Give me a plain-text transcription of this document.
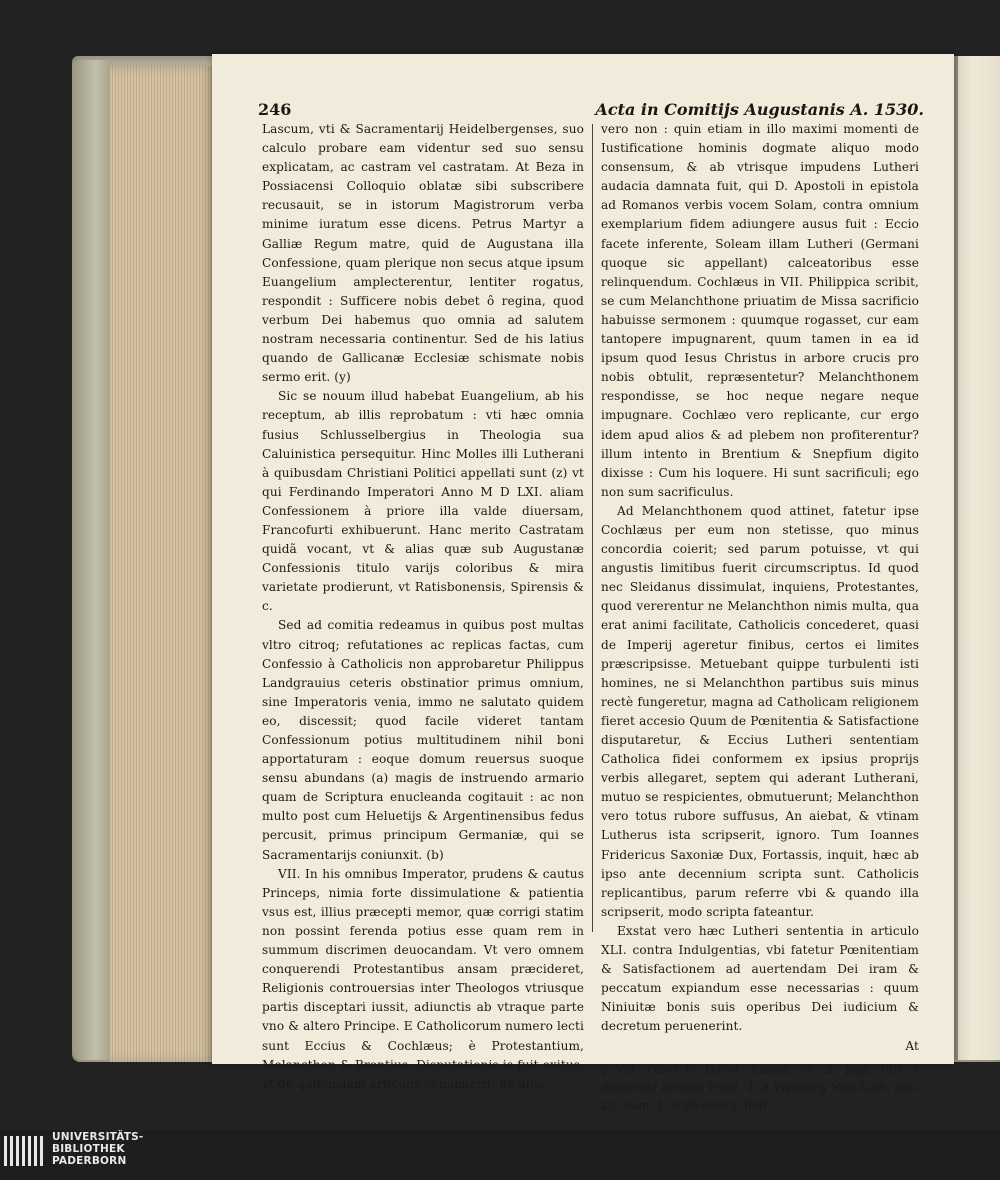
246	Acta in Comitijs Augustanis A. 1530.

Lascum, vti & Sacramentarij Heidelbergenses, suo calculo probare eam videntur sed suo sensu explicatam, ac castram vel castratam. At Beza in Possiacensi Colloquio oblatæ sibi subscribere recusauit, se in istorum Magistrorum verba minime iuratum esse dicens. Petrus Martyr a Galliæ Regum matre, quid de Augustana illa Confessione, quam plerique non secus atque ipsum Euangelium amplecterentur, lentiter rogatus, respondit : Sufficere nobis debet ô regina, quod verbum Dei habemus quo omnia ad salutem nostram necessaria continentur. Sed de his latius quando de Gallicanæ Ecclesiæ schismate nobis sermo erit. (y)

Sic se nouum illud habebat Euangelium, ab his receptum, ab illis reprobatum : vti hæc omnia fusius Schlusselbergius in Theologia sua Caluinistica persequitur. Hinc Molles illi Lutherani à quibusdam Christiani Politici appellati sunt (z) vt qui Ferdinando Imperatori Anno M D LXI. aliam Confessionem à priore illa valde diuersam, Francofurti exhibuerunt. Hanc merito Castratam quidã vocant, vt & alias quæ sub Augustanæ Confessionis titulo varijs coloribus & mira varietate prodierunt, vt Ratisbonensis, Spirensis & c.

Sed ad comitia redeamus in quibus post multas vltro citroq; refutationes ac replicas factas, cum Confessio à Catholicis non approbaretur Philippus Landgrauius ceteris obstinatior primus omnium, sine Imperatoris venia, immo ne salutato quidem eo, discessit; quod facile videret tantam Confessionum potius multitudinem nihil boni apportaturam : eoque domum reuersus suoque sensu abundans (a) magis de instruendo armario quam de Scriptura enucleanda cogitauit : ac non multo post cum Heluetijs & Argentinensibus fedus percusit, primus principum Germaniæ, qui se Sacramentarijs coniunxit. (b)

VII. In his omnibus Imperator, prudens & cautus Princeps, nimia forte dissimulatione & patientia vsus est, illius præcepti memor, quæ corrigi statim non possint ferenda potius esse quam rem in summum discrimen deuocandam. Vt vero omnem conquerendi Protestantibus ansam præcideret, Religionis controuersias inter Theologos vtriusque partis disceptari iussit, adiunctis ab vtraque parte vno & altero Principe. E Catholicorum numero lecti sunt Eccius & Cochlæus; è Protestantium, Melancthon & Brentius. Disputationis is fuit exitus, vt de quibusdam articulis conuenerit, de alijs

vero non : quin etiam in illo maximi momenti de Iustificatione hominis dogmate aliquo modo consensum, & ab vtrisque impudens Lutheri audacia damnata fuit, qui D. Apostoli in epistola ad Romanos verbis vocem Solam, contra omnium exemplarium fidem adiungere ausus fuit : Eccio facete inferente, Soleam illam Lutheri (Germani quoque sic appellant) calceatoribus esse relinquendum. Cochlæus in VII. Philippica scribit, se cum Melanchthone priuatim de Missa sacrificio habuisse sermonem : quumque rogasset, cur eam tantopere impugnarent, quum tamen in ea id ipsum quod Iesus Christus in arbore crucis pro nobis obtulit, repræsentetur? Melanchthonem respondisse, se hoc neque negare neque impugnare. Cochlæo vero replicante, cur ergo idem apud alios & ad plebem non profiterentur? illum intento in Brentium & Snepfium digito dixisse : Cum his loquere. Hi sunt sacrificuli; ego non sum sacrificulus.

Ad Melanchthonem quod attinet, fatetur ipse Cochlæus per eum non stetisse, quo minus concordia coierit; sed parum potuisse, vt qui angustis limitibus fuerit circumscriptus. Id quod nec Sleidanus dissimulat, inquiens, Protestantes, quod vererentur ne Melanchthon nimis multa, qua erat animi facilitate, Catholicis concederet, quasi de Imperij ageretur finibus, certos ei limites præscripsisse. Metuebant quippe turbulenti isti homines, ne si Melanchthon partibus suis minus rectè fungeretur, magna ad Catholicam religionem fieret accesio Quum de Pœnitentia & Satisfactione disputaretur, & Eccius Lutheri sententiam Catholica fidei conformem ex ipsius proprijs verbis allegaret, septem qui aderant Lutherani, mutuo se respicientes, obmutuerunt; Melanchthon vero totus rubore suffusus, An aiebat, & vtinam Lutherus ista scripserit, ignoro. Tum Ioannes Fridericus Saxoniæ Dux, Fortassis, inquit, hæc ab ipso ante decennium scripta sunt. Catholicis replicantibus, parum referre vbi & quando illa scripserit, modo scripta fateantur.

Exstat vero hæc Lutheri sententia in articulo XLI. contra Indulgentias, vbi fatetur Pœnitentiam & Satisfactionem ad auertendam Dei iram & peccatum expiandum esse necessarias : quum Niniuitæ bonis suis operibus Dei iudicium & decretum peruenerint.

At

y Vid. Fabri in Harm. Euang. lib. 2. pag. 140. z Anatomia Ecclesi Tract. 1. a Vlenberg Vita Luth. cap. 23. num. 1. b Vlenberg. ibid.

UNIVERSITÄTS-
BIBLIOTHEK
PADERBORN
